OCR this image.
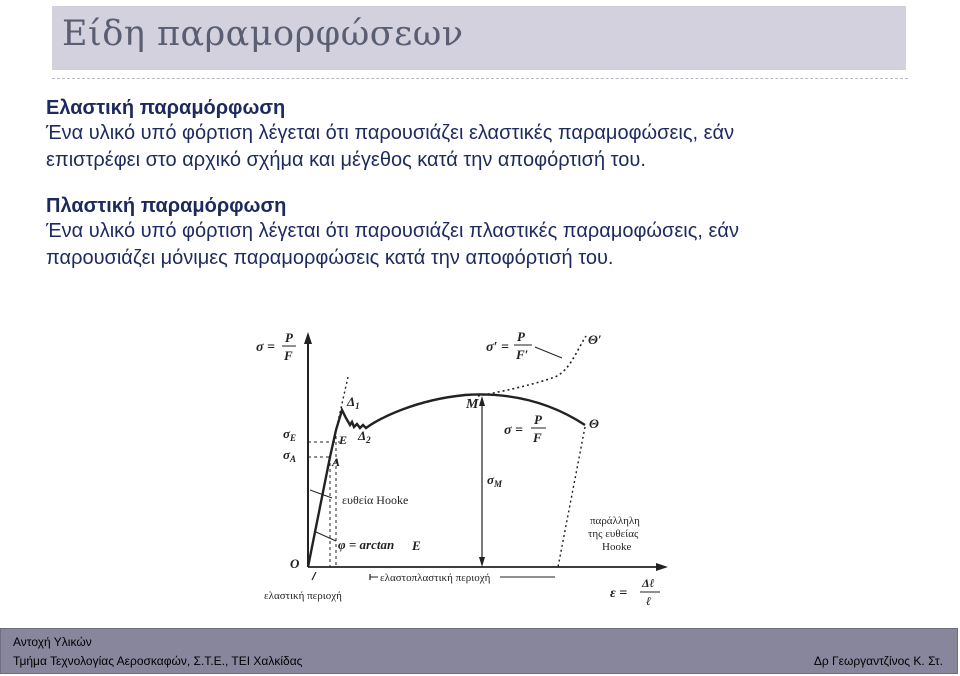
Είδη παραμορφώσεων
Ελαστική παραμόρφωση
Ένα υλικό υπό φόρτιση λέγεται ότι παρουσιάζει ελαστικές παραμοφώσεις, εάν
επιστρέφει στο αρχικό σχήμα και μέγεθος κατά την αποφόρτισή του.
Πλαστική παραμόρφωση
Ένα υλικό υπό φόρτιση λέγεται ότι παρουσιάζει πλαστικές παραμοφώσεις, εάν
παρουσιάζει μόνιμες παραμορφώσεις κατά την αποφόρτισή του.
σ =
P
F
σ′ =
P
F′
Θ′
M
σ =
P
F
Θ
$\Delta_1$
$\Delta_2$
$\sigma_E$
$\sigma_A$
E
A
$\sigma_M$
ευθεία Hooke
φ = arctan E
O
ελαστοπλαστική περιοχή
ελαστική περιοχή
παράλληλη
της ευθείας
Hooke
ε =
Δℓ
ℓ
Αντοχή Υλικών
Τμήμα Τεχνολογίας Αεροσκαφών, Σ.Τ.Ε., ΤΕΙ Χαλκίδας	Δρ Γεωργαντζίνος Κ. Στ.
